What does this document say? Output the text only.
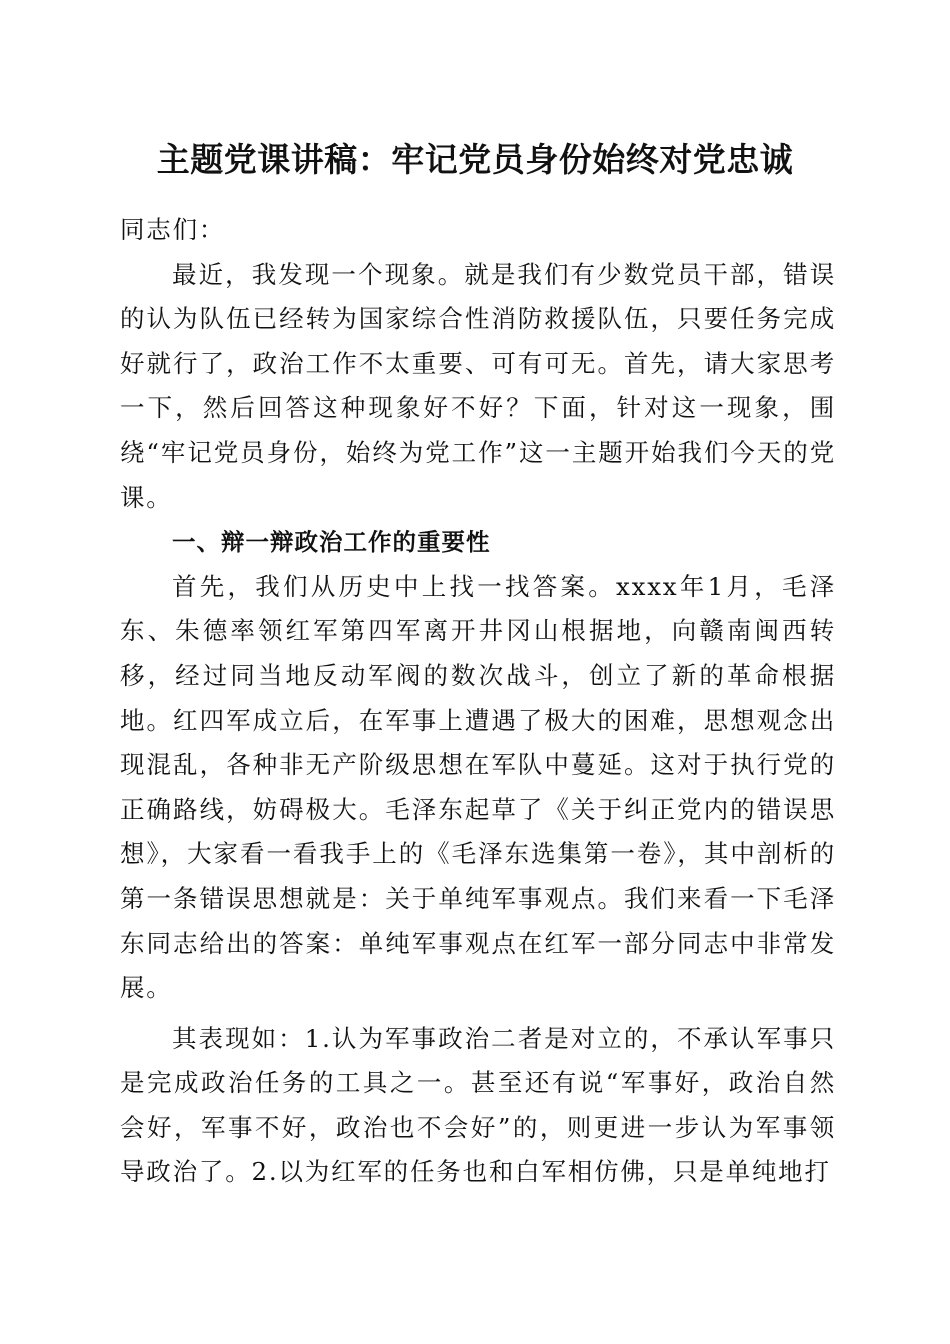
主题党课讲稿：牢记党员身份始终对党忠诚

同志们：

最近，我发现一个现象。就是我们有少数党员干部，错误的认为队伍已经转为国家综合性消防救援队伍，只要任务完成好就行了，政治工作不太重要、可有可无。首先，请大家思考一下，然后回答这种现象好不好？下面，针对这一现象，围绕“牢记党员身份，始终为党工作”这一主题开始我们今天的党课。

一、辩一辩政治工作的重要性

首先，我们从历史中上找一找答案。xxxx年1月，毛泽东、朱德率领红军第四军离开井冈山根据地，向赣南闽西转移，经过同当地反动军阀的数次战斗，创立了新的革命根据地。红四军成立后，在军事上遭遇了极大的困难，思想观念出现混乱，各种非无产阶级思想在军队中蔓延。这对于执行党的正确路线，妨碍极大。毛泽东起草了《关于纠正党内的错误思想》，大家看一看我手上的《毛泽东选集第一卷》，其中剖析的第一条错误思想就是：关于单纯军事观点。我们来看一下毛泽东同志给出的答案：单纯军事观点在红军一部分同志中非常发展。

其表现如：1.认为军事政治二者是对立的，不承认军事只是完成政治任务的工具之一。甚至还有说“军事好，政治自然会好，军事不好，政治也不会好”的，则更进一步认为军事领导政治了。2.以为红军的任务也和白军相仿佛，只是单纯地打
